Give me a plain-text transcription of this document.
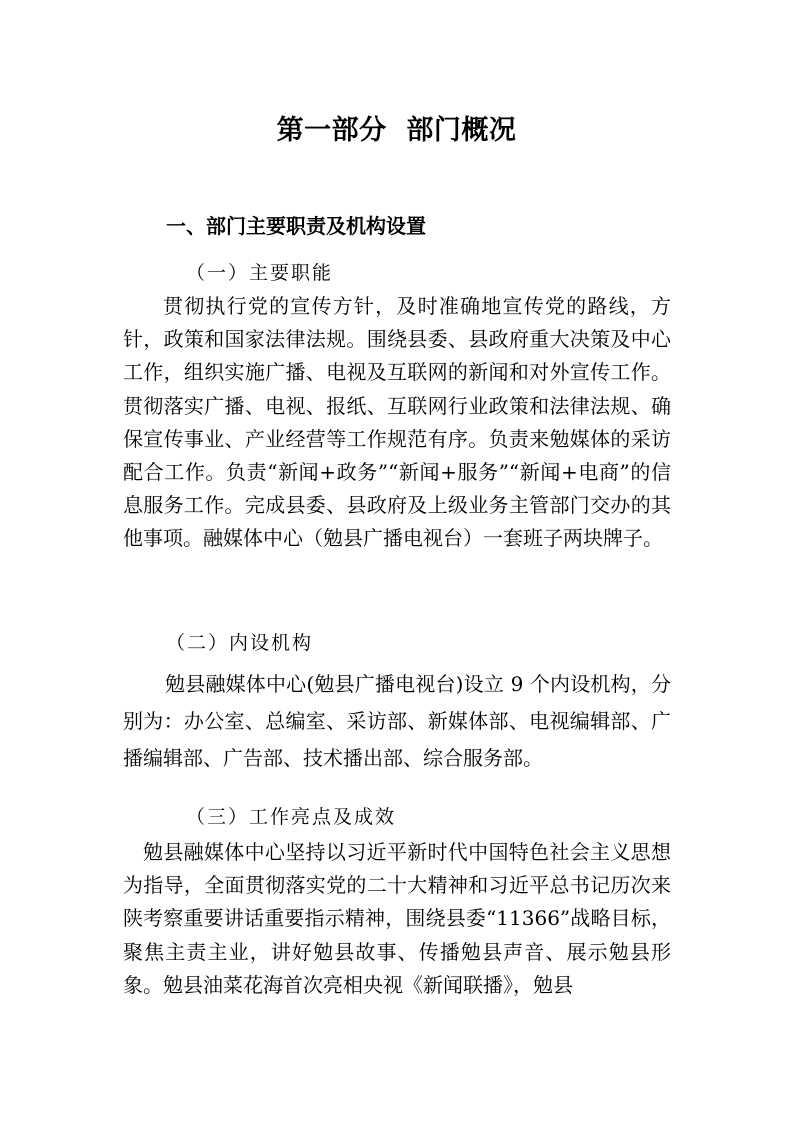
第一部分  部门概况
一、部门主要职责及机构设置
（一）主要职能

贯彻执行党的宣传方针，及时准确地宣传党的路线，方针，政策和国家法律法规。围绕县委、县政府重大决策及中心工作，组织实施广播、电视及互联网的新闻和对外宣传工作。贯彻落实广播、电视、报纸、互联网行业政策和法律法规、确保宣传事业、产业经营等工作规范有序。负责来勉媒体的采访配合工作。负责“新闻+政务”“新闻+服务”“新闻+电商”的信息服务工作。完成县委、县政府及上级业务主管部门交办的其他事项。融媒体中心（勉县广播电视台）一套班子两块牌子。

（二）内设机构

勉县融媒体中心(勉县广播电视台)设立 9 个内设机构，分别为：办公室、总编室、采访部、新媒体部、电视编辑部、广播编辑部、广告部、技术播出部、综合服务部。

（三）工作亮点及成效

勉县融媒体中心坚持以习近平新时代中国特色社会主义思想为指导，全面贯彻落实党的二十大精神和习近平总书记历次来陕考察重要讲话重要指示精神，围绕县委“11366”战略目标，聚焦主责主业，讲好勉县故事、传播勉县声音、展示勉县形象。勉县油菜花海首次亮相央视《新闻联播》，勉县
